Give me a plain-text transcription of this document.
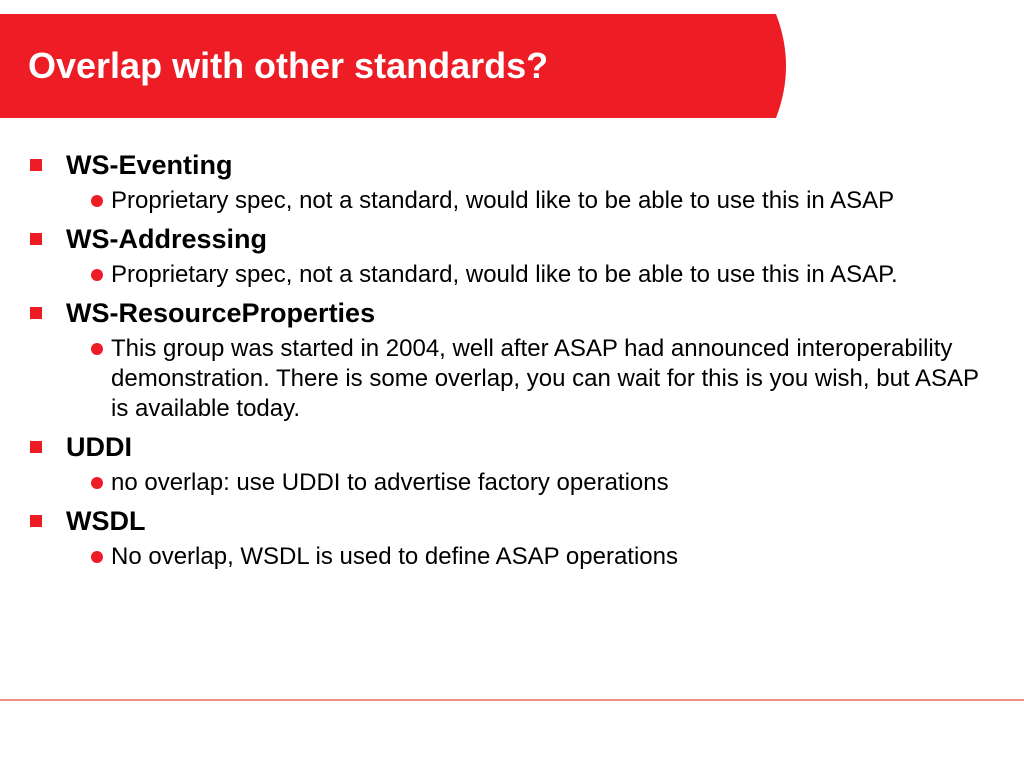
Overlap with other standards?
WS-Eventing
Proprietary spec, not a standard, would like to be able to use this in ASAP
WS-Addressing
Proprietary spec, not a standard, would like to be able to use this in ASAP.
WS-ResourceProperties
This group was started in 2004, well after ASAP had announced interoperability demonstration. There is some overlap, you can wait for this is you wish, but ASAP is available today.
UDDI
no overlap: use UDDI to advertise factory operations
WSDL
No overlap, WSDL is used to define ASAP operations
